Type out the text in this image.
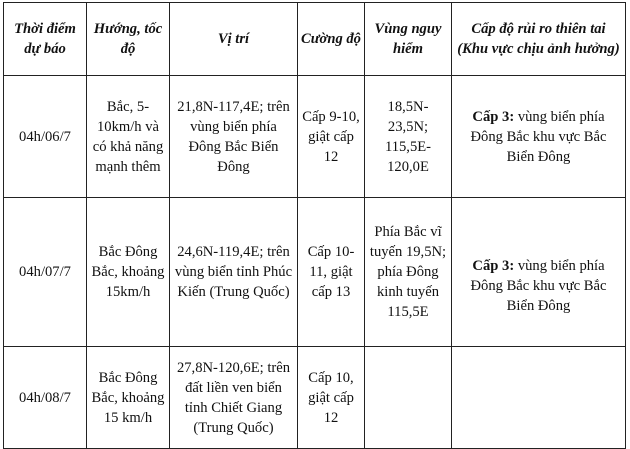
Thời điểm dự báo	Hướng, tốc độ	Vị trí	Cường độ	Vùng nguy hiểm	Cấp độ rủi ro thiên tai (Khu vực chịu ảnh hưởng)
04h/06/7	Bắc, 5-10km/h và có khả năng mạnh thêm	21,8N-117,4E; trên vùng biển phía Đông Bắc Biển Đông	Cấp 9-10, giật cấp 12	18,5N-23,5N; 115,5E-120,0E	Cấp 3: vùng biển phía Đông Bắc khu vực Bắc Biển Đông
04h/07/7	Bắc Đông Bắc, khoảng 15km/h	24,6N-119,4E; trên vùng biển tỉnh Phúc Kiến (Trung Quốc)	Cấp 10-11, giật cấp 13	Phía Bắc vĩ tuyến 19,5N; phía Đông kinh tuyến 115,5E	Cấp 3: vùng biển phía Đông Bắc khu vực Bắc Biển Đông
04h/08/7	Bắc Đông Bắc, khoảng 15 km/h	27,8N-120,6E; trên đất liền ven biển tỉnh Chiết Giang (Trung Quốc)	Cấp 10, giật cấp 12		
